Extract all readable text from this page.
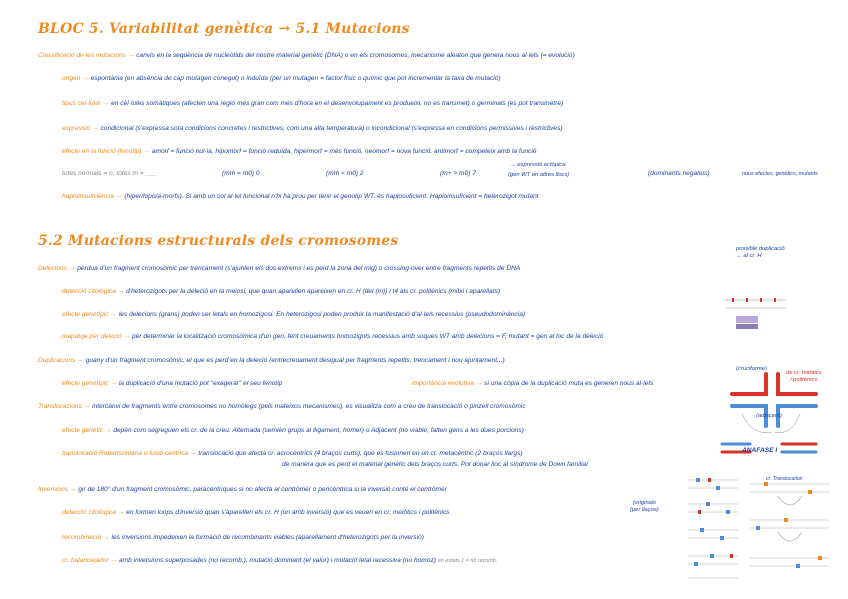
BLOC 5. Variabilitat genètica → 5.1 Mutacions
Classificació de les mutacions → canvis en la seqüència de nucleòtids del nostre material genètic (DNA) o en els cromosomes, mecanisme aleatori que genera nous al·lels (= evolució)
origen → espontània (en absència de cap mutagen conegut) o induïda (per un mutagen = factor físic o químic que pot incrementar la taxa de mutació)
tipus cel·lular → en cèl·lules somàtiques (afecten una regió més gran com més d'hora en el desenvolupament es produeixi, no es transmet) o germinals (es pot transmetre)
expressió → condicional (s'expressa sota condicions concretes i restrictives, com una alta temperatura) o incondicional (s'expressa en condicions permissives i restrictives)
efecte en la funció (fenotip) → amorf = funció nul·la, hipomorf = funció reduïda, hipermorf = més funció, neomorf = nova funció, antimorf = competeix amb la funció
totes normals = n, totes m = ___	(mm = m0) 0	(mm < m0) 2	(m+ > m0) 7
→ expressió ectòpica
(gen WT en altres llocs)	(dominants negatius)	nous efectes, genètics, mutants
haploinsuficiència → (hiper/hipo/a-morfs). Si amb un sol al·lel funcional n'hi ha prou per tenir el genotip WT, és haplosuficient. Haploinsuficient = heterozigot mutant
5.2 Mutacions estructurals dels cromosomes	possible duplicació
→ al cr. H
Delecions → pèrdua d'un fragment cromosòmic per trencament (s'ajunten els dos extrems i es perd la zona del mig) o crossing-over entre fragments repetits de DNA
detecció citològica → d'heterozigots per la deleció en la meiosi, que quan aparellen apareixen en cr. H (del (m)) i t4 als cr. politènics (mitxi i aparellats)
efecte genotípic → les delecions (grans) poden ser letals en homozigosi. En heterozigosi poden produir la manifestació d'al·lels recessius (pseudodominància)
mapatge per deleció → per determinar la localització cromosòmica d'un gen, fent creuaments homozigots recessius amb soques WT amb delecions = F, mutant = gen al loc de la deleció
Duplicacions → guany d'un fragment cromosòmic, el que es perd en la deleció (entrecreuament desigual per fragments repetits, trencament i nou ajuntament...)
efecte genotípic → la duplicació d'una mutació pot "exagerar" el seu fenotip	importància evolutiva → si una còpia de la duplicació muta es generen nous al·lels
Translocacions → intercanvi de fragments entre cromosomes no homòlegs (pels mateixos mecanismes), es visualitza com a creu de translocació o pinzell cromosòmic
efecte genètic → depèn com segreguen els cr. de la creu: Alternada (semièn grups al lligament, homer) o Adjacent (no viable, falten gens a les dues porcions)
translocació Robertsoniana o fusió cèntrica → translocació que afecta cr. acrocèntrics (4 braços curts), que es fusionen en un cr. metacèntric (2 braços llargs)
de manera que es perd el material genètic dels braços curts. Pot donar lloc al síndrome de Down familiar
Inversions → gir de 180° d'un fragment cromosòmic, paracèntriques si no afecta al centròmer o pericèntrica si la inversió conté el centròmer
(originals
(per llaços)
detecció citològica → en formen loops d'inversió quan s'aparellen els cr. H (un amb inversió) que es veuen en cr. meiòtics i politènics
recombinació → les inversions impedeixen la formació de recombinants viables (aparellament d'heterozigots per la inversió)
cr. balancejador → amb inversions superposades (no recomb.), mutació dominant (el valor) i mutació letal recessiva (no homoz) en estats 1 = no recomb.
(cruciforme)
(adjacent)
ANAFASE I
de cr. mitòtics
i politènics
cr. Translocation
